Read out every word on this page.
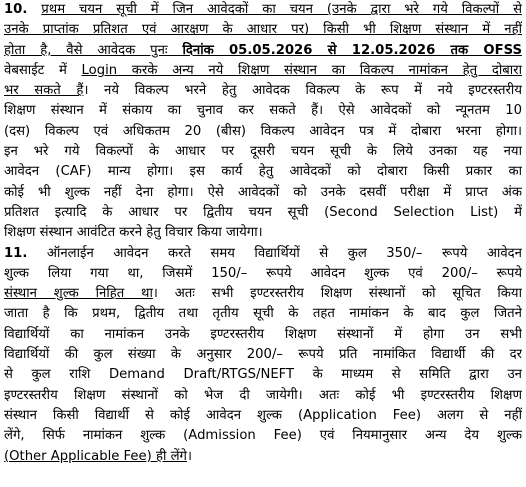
10. प्रथम चयन सूची में जिन आवेदकों का चयन (उनके द्वारा भरे गये विकल्पों से
उनके प्राप्तांक प्रतिशत एवं आरक्षण के आधार पर) किसी भी शिक्षण संस्थान में नहीं
होता है, वैसे आवेदक पुनः दिनांक 05.05.2026 से 12.05.2026 तक OFSS
वेबसाईट में Login करके अन्य नये शिक्षण संस्थान का विकल्प नामांकन हेतु दोबारा
भर सकते हैं। नये विकल्प भरने हेतु आवेदक विकल्प के रूप में नये इण्टरस्तरीय
शिक्षण संस्थान में संकाय का चुनाव कर सकते हैं। ऐसे आवेदकों को न्यूनतम 10
(दस) विकल्प एवं अधिकतम 20 (बीस) विकल्प आवेदन पत्र में दोबारा भरना होगा।
इन भरे गये विकल्पों के आधार पर दूसरी चयन सूची के लिये उनका यह नया
आवेदन (CAF) मान्य होगा। इस कार्य हेतु आवेदकों को दोबारा किसी प्रकार का
कोई भी शुल्क नहीं देना होगा। ऐसे आवेदकों को उनके दसवीं परीक्षा में प्राप्त अंक
प्रतिशत इत्यादि के आधार पर द्वितीय चयन सूची (Second Selection List) में
शिक्षण संस्थान आवंटित करने हेतु विचार किया जायेगा।
11. ऑनलाईन आवेदन करते समय विद्यार्थियों से कुल 350/– रूपये आवेदन
शुल्क लिया गया था, जिसमें 150/– रूपये आवेदन शुल्क एवं 200/– रूपये
संस्थान शुल्क निहित था। अतः सभी इण्टरस्तरीय शिक्षण संस्थानों को सूचित किया
जाता है कि प्रथम, द्वितीय तथा तृतीय सूची के तहत नामांकन के बाद कुल जितने
विद्यार्थियों का नामांकन उनके इण्टरस्तरीय शिक्षण संस्थानों में होगा उन सभी
विद्यार्थियों की कुल संख्या के अनुसार 200/– रूपये प्रति नामांकित विद्यार्थी की दर
से कुल राशि Demand Draft/RTGS/NEFT के माध्यम से समिति द्वारा उन
इण्टरस्तरीय शिक्षण संस्थानों को भेज दी जायेगी। अतः कोई भी इण्टरस्तरीय शिक्षण
संस्थान किसी विद्यार्थी से कोई आवेदन शुल्क (Application Fee) अलग से नहीं
लेंगे, सिर्फ नामांकन शुल्क (Admission Fee) एवं नियमानुसार अन्य देय शुल्क
(Other Applicable Fee) ही लेंगे।
